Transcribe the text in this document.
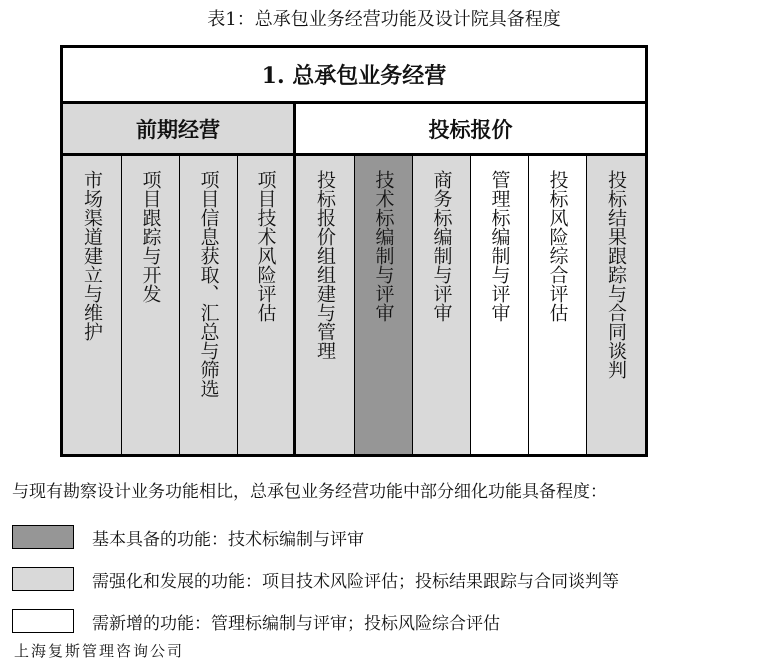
表1：总承包业务经营功能及设计院具备程度
1. 总承包业务经营
前期经营	投标报价
市场渠道建立与维护 项目跟踪与开发 项目信息获取、汇总与筛选 项目技术风险评估 投标报价组组建与管理 技术标编制与评审 商务标编制与评审 管理标编制与评审 投标风险综合评估 投标结果跟踪与合同谈判
与现有勘察设计业务功能相比，总承包业务经营功能中部分细化功能具备程度：
基本具备的功能：技术标编制与评审
需强化和发展的功能：项目技术风险评估；投标结果跟踪与合同谈判等
需新增的功能：管理标编制与评审；投标风险综合评估
上海复斯管理咨询公司
